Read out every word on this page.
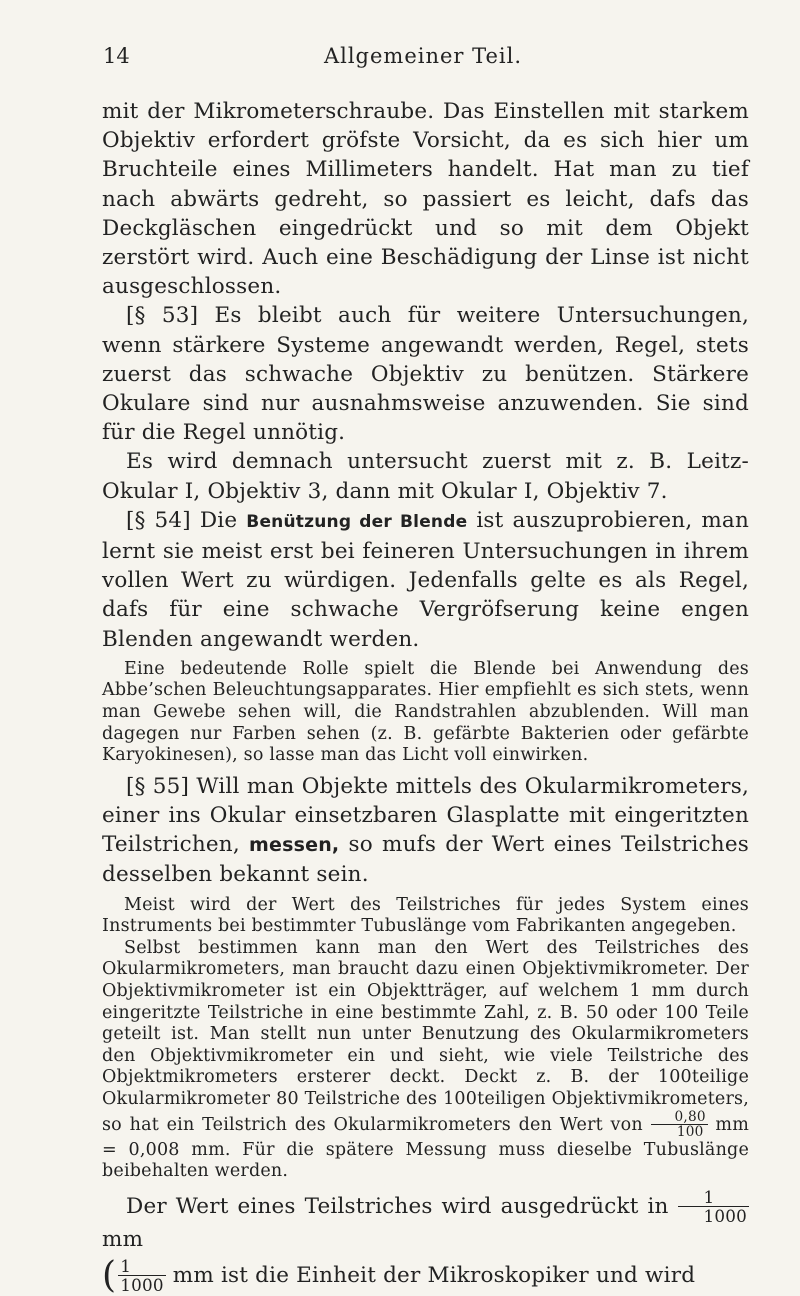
14	Allgemeiner Teil.

mit der Mikrometerschraube. Das Einstellen mit starkem Objektiv erfordert gröfste Vorsicht, da es sich hier um Bruchteile eines Millimeters handelt. Hat man zu tief nach abwärts gedreht, so passiert es leicht, dafs das Deckgläschen eingedrückt und so mit dem Objekt zerstört wird. Auch eine Beschädigung der Linse ist nicht ausgeschlossen.

[§ 53] Es bleibt auch für weitere Untersuchungen, wenn stärkere Systeme angewandt werden, Regel, stets zuerst das schwache Objektiv zu benützen. Stärkere Okulare sind nur ausnahmsweise anzuwenden. Sie sind für die Regel unnötig.

Es wird demnach untersucht zuerst mit z. B. Leitz-Okular I, Objektiv 3, dann mit Okular I, Objektiv 7.

[§ 54] Die Benützung der Blende ist auszuprobieren, man lernt sie meist erst bei feineren Untersuchungen in ihrem vollen Wert zu würdigen. Jedenfalls gelte es als Regel, dafs für eine schwache Vergröfserung keine engen Blenden angewandt werden.

Eine bedeutende Rolle spielt die Blende bei Anwendung des Abbe’schen Beleuchtungsapparates. Hier empfiehlt es sich stets, wenn man Gewebe sehen will, die Randstrahlen abzublenden. Will man dagegen nur Farben sehen (z. B. gefärbte Bakterien oder gefärbte Karyokinesen), so lasse man das Licht voll einwirken.

[§ 55] Will man Objekte mittels des Okularmikrometers, einer ins Okular einsetzbaren Glasplatte mit eingeritzten Teilstrichen, messen, so mufs der Wert eines Teilstriches desselben bekannt sein.

Meist wird der Wert des Teilstriches für jedes System eines Instruments bei bestimmter Tubuslänge vom Fabrikanten angegeben.

Selbst bestimmen kann man den Wert des Teilstriches des Okularmikrometers, man braucht dazu einen Objektivmikrometer. Der Objektivmikrometer ist ein Objektträger, auf welchem 1 mm durch eingeritzte Teilstriche in eine bestimmte Zahl, z. B. 50 oder 100 Teile geteilt ist. Man stellt nun unter Benutzung des Okularmikrometers den Objektivmikrometer ein und sieht, wie viele Teilstriche des Objektmikrometers ersterer deckt. Deckt z. B. der 100teilige Okularmikrometer 80 Teilstriche des 100teiligen Objektivmikrometers, so hat ein Teilstrich des Okularmikrometers den Wert von $\frac{0,80}{100}$ mm = 0,008 mm. Für die spätere Messung muss dieselbe Tubuslänge beibehalten werden.

Der Wert eines Teilstriches wird ausgedrückt in $\frac{1}{1000}$
mm

( $\frac{1}{1000}$ mm ist die Einheit der Mikroskopiker und wird
